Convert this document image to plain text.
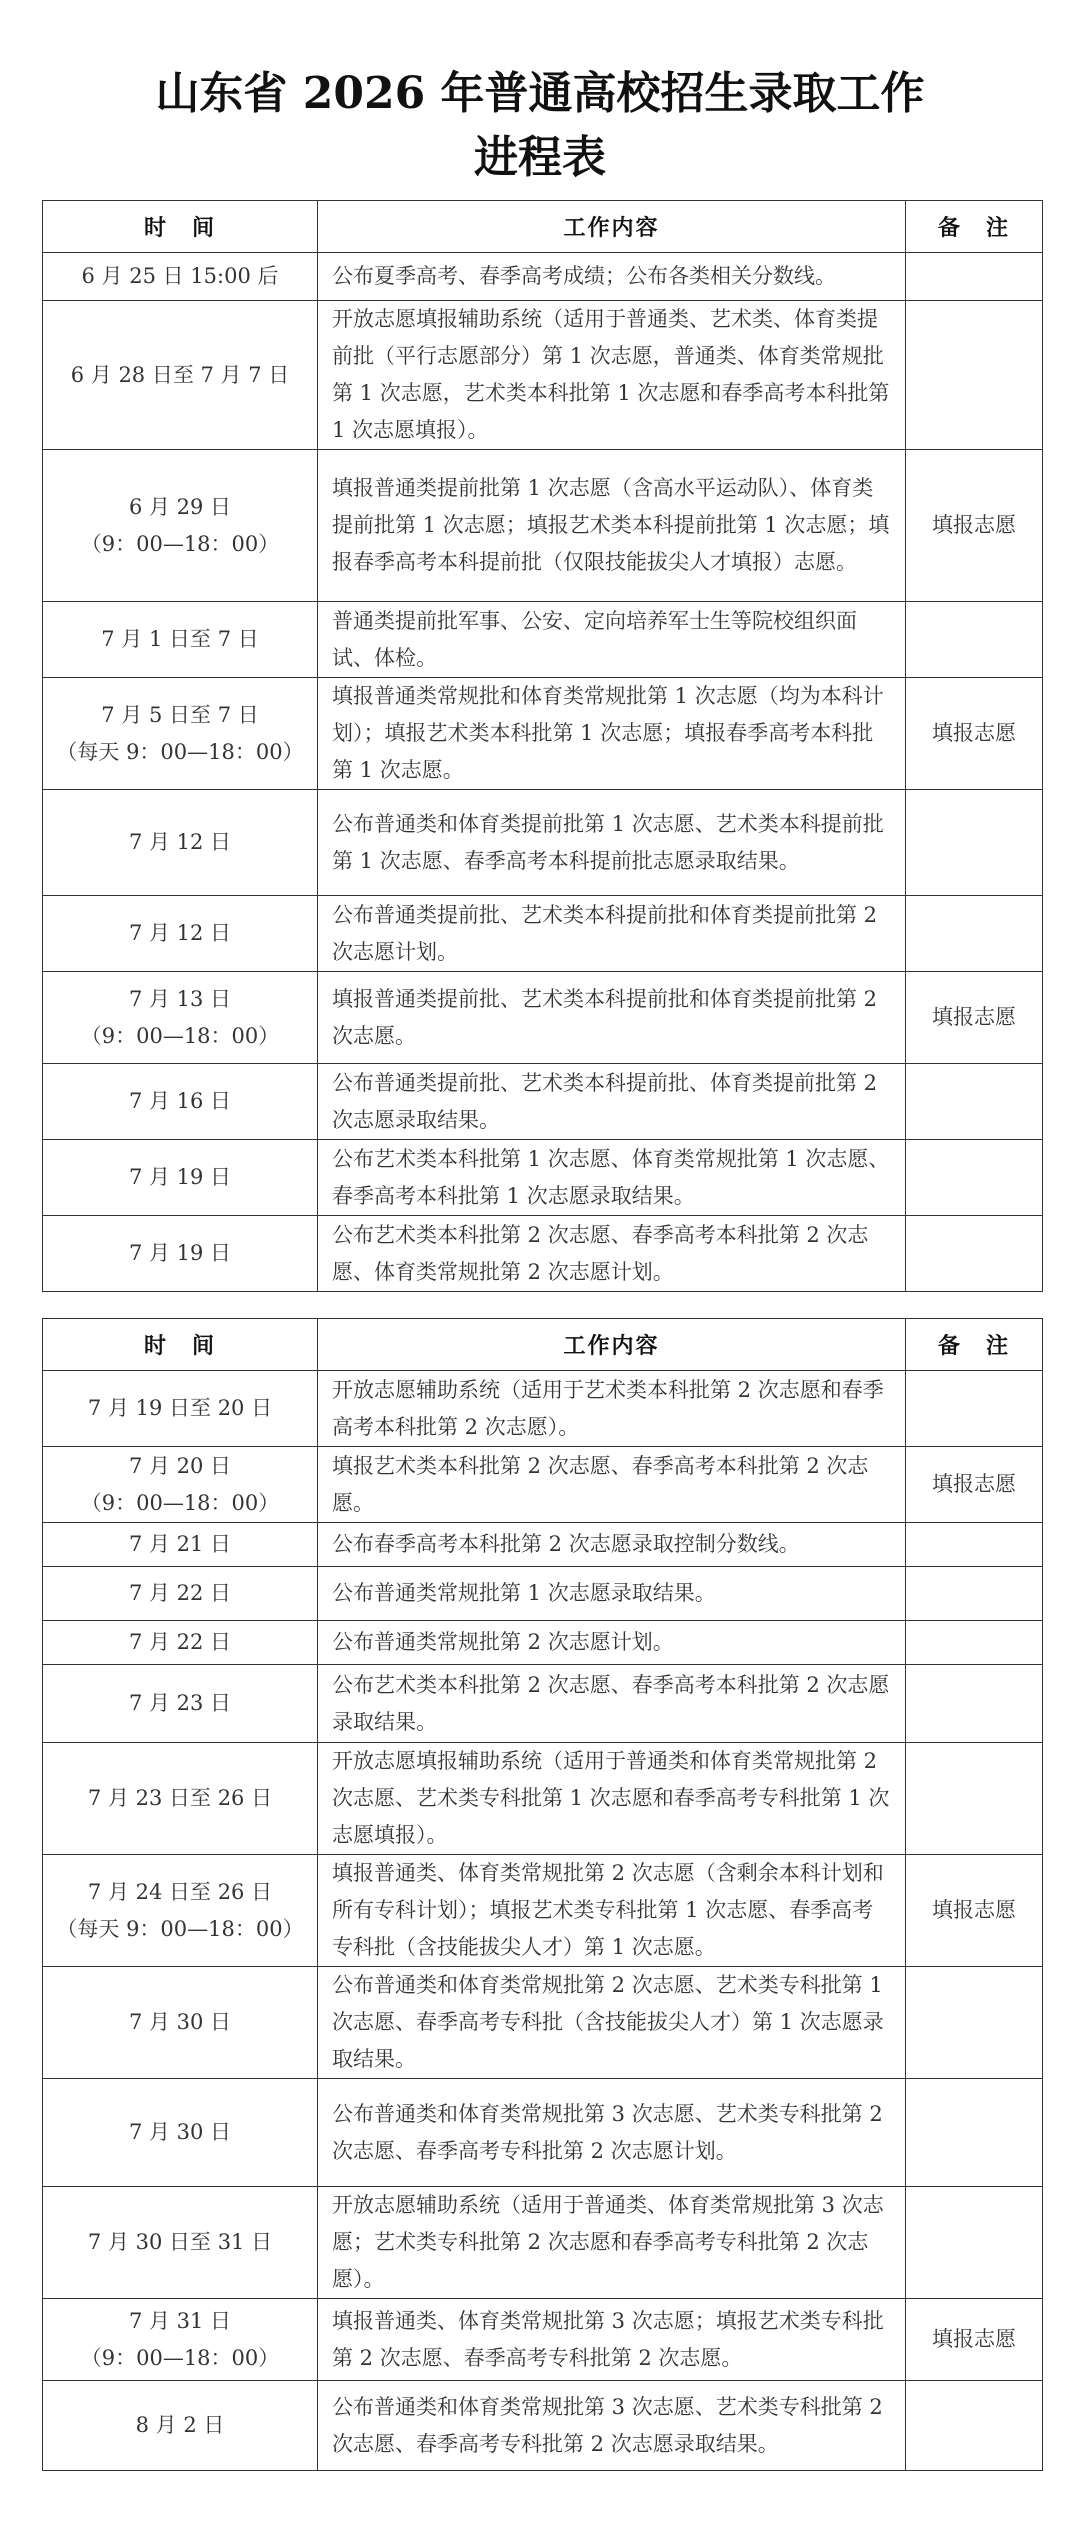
山东省 2026 年普通高校招生录取工作
进程表
时　间	工作内容	备　注

6 月 25 日 15:00 后	公布夏季高考、春季高考成绩；公布各类相关分数线。	

6 月 28 日至 7 月 7 日	开放志愿填报辅助系统（适用于普通类、艺术类、体育类提前批（平行志愿部分）第 1 次志愿，普通类、体育类常规批第 1 次志愿，艺术类本科批第 1 次志愿和春季高考本科批第 1 次志愿填报）。	

6 月 29 日
（9：00—18：00）	填报普通类提前批第 1 次志愿（含高水平运动队）、体育类提前批第 1 次志愿；填报艺术类本科提前批第 1 次志愿；填报春季高考本科提前批（仅限技能拔尖人才填报）志愿。	填报志愿

7 月 1 日至 7 日	普通类提前批军事、公安、定向培养军士生等院校组织面试、体检。	

7 月 5 日至 7 日
（每天 9：00—18：00）	填报普通类常规批和体育类常规批第 1 次志愿（均为本科计划）；填报艺术类本科批第 1 次志愿；填报春季高考本科批第 1 次志愿。	填报志愿

7 月 12 日	公布普通类和体育类提前批第 1 次志愿、艺术类本科提前批第 1 次志愿、春季高考本科提前批志愿录取结果。	

7 月 12 日	公布普通类提前批、艺术类本科提前批和体育类提前批第 2 次志愿计划。	

7 月 13 日
（9：00—18：00）	填报普通类提前批、艺术类本科提前批和体育类提前批第 2 次志愿。	填报志愿

7 月 16 日	公布普通类提前批、艺术类本科提前批、体育类提前批第 2 次志愿录取结果。	

7 月 19 日	公布艺术类本科批第 1 次志愿、体育类常规批第 1 次志愿、春季高考本科批第 1 次志愿录取结果。	

7 月 19 日	公布艺术类本科批第 2 次志愿、春季高考本科批第 2 次志愿、体育类常规批第 2 次志愿计划。	
时　间	工作内容	备　注

7 月 19 日至 20 日	开放志愿辅助系统（适用于艺术类本科批第 2 次志愿和春季高考本科批第 2 次志愿）。	

7 月 20 日
（9：00—18：00）	填报艺术类本科批第 2 次志愿、春季高考本科批第 2 次志愿。	填报志愿

7 月 21 日	公布春季高考本科批第 2 次志愿录取控制分数线。	

7 月 22 日	公布普通类常规批第 1 次志愿录取结果。	

7 月 22 日	公布普通类常规批第 2 次志愿计划。	

7 月 23 日	公布艺术类本科批第 2 次志愿、春季高考本科批第 2 次志愿录取结果。	

7 月 23 日至 26 日	开放志愿填报辅助系统（适用于普通类和体育类常规批第 2 次志愿、艺术类专科批第 1 次志愿和春季高考专科批第 1 次志愿填报）。	

7 月 24 日至 26 日
（每天 9：00—18：00）	填报普通类、体育类常规批第 2 次志愿（含剩余本科计划和所有专科计划）；填报艺术类专科批第 1 次志愿、春季高考专科批（含技能拔尖人才）第 1 次志愿。	填报志愿

7 月 30 日	公布普通类和体育类常规批第 2 次志愿、艺术类专科批第 1 次志愿、春季高考专科批（含技能拔尖人才）第 1 次志愿录取结果。	

7 月 30 日	公布普通类和体育类常规批第 3 次志愿、艺术类专科批第 2 次志愿、春季高考专科批第 2 次志愿计划。	

7 月 30 日至 31 日	开放志愿辅助系统（适用于普通类、体育类常规批第 3 次志愿；艺术类专科批第 2 次志愿和春季高考专科批第 2 次志愿）。	

7 月 31 日
（9：00—18：00）	填报普通类、体育类常规批第 3 次志愿；填报艺术类专科批第 2 次志愿、春季高考专科批第 2 次志愿。	填报志愿

8 月 2 日	公布普通类和体育类常规批第 3 次志愿、艺术类专科批第 2 次志愿、春季高考专科批第 2 次志愿录取结果。	
